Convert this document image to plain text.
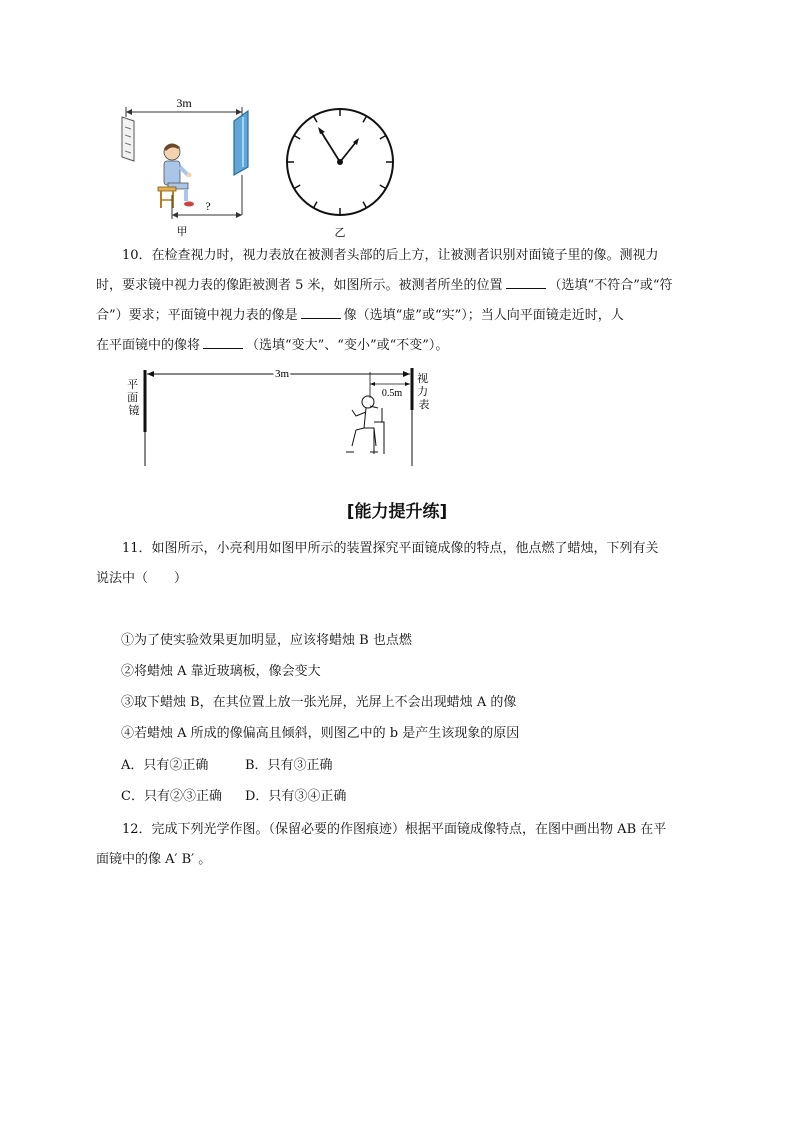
3m
?
甲	乙
10．在检查视力时，视力表放在被测者头部的后上方，让被测者识别对面镜子里的像。测视力
时，要求镜中视力表的像距被测者 5 米，如图所示。被测者所坐的位置	（选填“不符合”或“符
合”）要求；平面镜中视力表的像是	像（选填“虚”或“实”）；当人向平面镜走近时，人
在平面镜中的像将	（选填“变大”、“变小”或“不变”）。
平 面 镜
3m	视 力 表
0.5m
[能力提升练]
11．如图所示，小亮利用如图甲所示的装置探究平面镜成像的特点，他点燃了蜡烛，下列有关
说法中（　　）
①为了使实验效果更加明显，应该将蜡烛 B 也点燃
②将蜡烛 A 靠近玻璃板，像会变大
③取下蜡烛 B，在其位置上放一张光屏，光屏上不会出现蜡烛 A 的像
④若蜡烛 A 所成的像偏高且倾斜，则图乙中的 b 是产生该现象的原因
A．只有②正确	B．只有③正确
C．只有②③正确 D．只有③④正确
12．完成下列光学作图。（保留必要的作图痕迹）根据平面镜成像特点，在图中画出物 AB 在平
面镜中的像 A′ B′ 。
